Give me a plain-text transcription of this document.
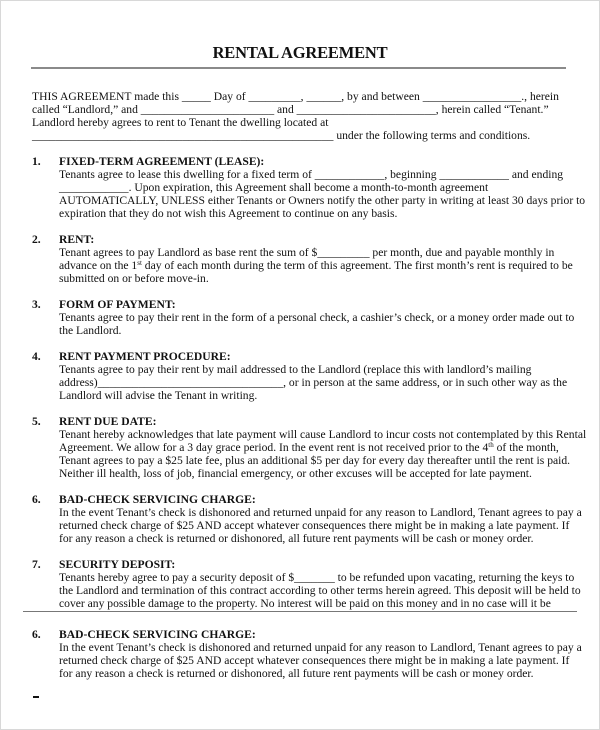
RENTAL AGREEMENT
THIS AGREEMENT made this _____ Day of _________, ______, by and between _________________., herein
called “Landlord,” and _______________________ and ________________________, herein called “Tenant.”
Landlord hereby agrees to rent to Tenant the dwelling located at
____________________________________________________ under the following terms and conditions.
1.	FIXED-TERM AGREEMENT (LEASE):
Tenants agree to lease this dwelling for a fixed term of ____________, beginning ____________ and ending
____________. Upon expiration, this Agreement shall become a month-to-month agreement
AUTOMATICALLY, UNLESS either Tenants or Owners notify the other party in writing at least 30 days prior to
expiration that they do not wish this Agreement to continue on any basis.
2.	RENT:
Tenant agrees to pay Landlord as base rent the sum of $_________ per month, due and payable monthly in
advance on the 1st day of each month during the term of this agreement. The first month’s rent is required to be
submitted on or before move-in.
3.	FORM OF PAYMENT:
Tenants agree to pay their rent in the form of a personal check, a cashier’s check, or a money order made out to
the Landlord.
4.	RENT PAYMENT PROCEDURE:
Tenants agree to pay their rent by mail addressed to the Landlord (replace this with landlord’s mailing
address)________________________________, or in person at the same address, or in such other way as the
Landlord will advise the Tenant in writing.
5.	RENT DUE DATE:
Tenant hereby acknowledges that late payment will cause Landlord to incur costs not contemplated by this Rental
Agreement. We allow for a 3 day grace period. In the event rent is not received prior to the 4th of the month,
Tenant agrees to pay a $25 late fee, plus an additional $5 per day for every day thereafter until the rent is paid.
Neither ill health, loss of job, financial emergency, or other excuses will be accepted for late payment.
6.	BAD-CHECK SERVICING CHARGE:
In the event Tenant’s check is dishonored and returned unpaid for any reason to Landlord, Tenant agrees to pay a
returned check charge of $25 AND accept whatever consequences there might be in making a late payment. If
for any reason a check is returned or dishonored, all future rent payments will be cash or money order.
7.	SECURITY DEPOSIT:
Tenants hereby agree to pay a security deposit of $_______ to be refunded upon vacating, returning the keys to
the Landlord and termination of this contract according to other terms herein agreed. This deposit will be held to
cover any possible damage to the property. No interest will be paid on this money and in no case will it be
6.	BAD-CHECK SERVICING CHARGE:
In the event Tenant’s check is dishonored and returned unpaid for any reason to Landlord, Tenant agrees to pay a
returned check charge of $25 AND accept whatever consequences there might be in making a late payment. If
for any reason a check is returned or dishonored, all future rent payments will be cash or money order.
